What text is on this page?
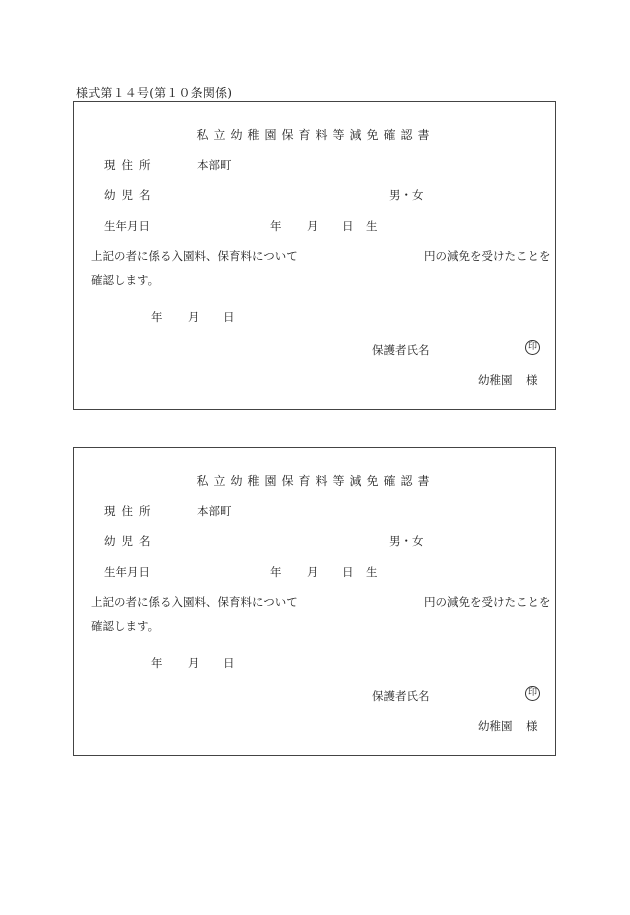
様式第１４号(第１０条関係)
私立幼稚園保育料等減免確認書
現住所	本部町
幼児名	男・女
生年月日	年 月 日 生
上記の者に係る入園料、保育料について	円の減免を受けたことを
確認します。
年 月 日
保護者氏名	印
幼稚園 様
私立幼稚園保育料等減免確認書
現住所	本部町
幼児名	男・女
生年月日	年 月 日 生
上記の者に係る入園料、保育料について	円の減免を受けたことを
確認します。
年 月 日
保護者氏名	印
幼稚園 様
